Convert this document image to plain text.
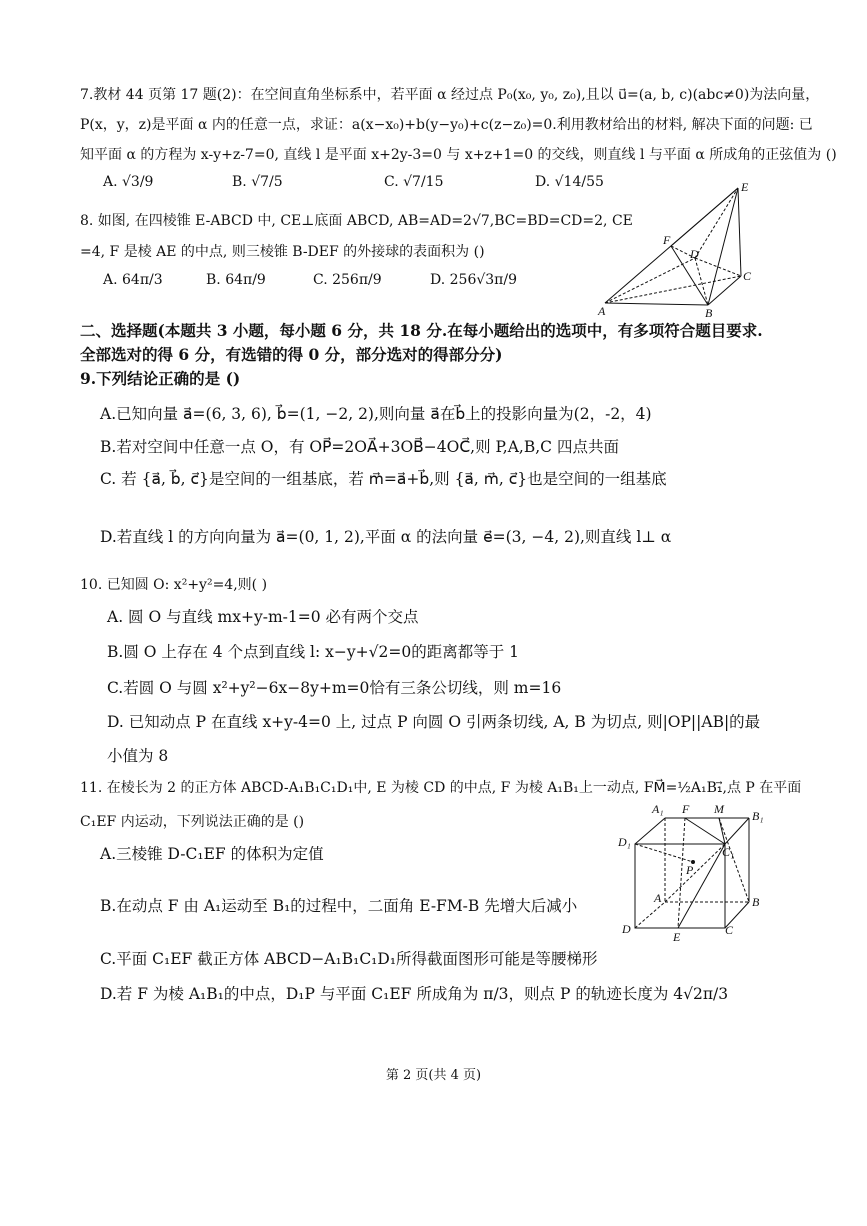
7.教材 44 页第 17 题(2)：在空间直角坐标系中，若平面 α 经过点 P₀(x₀, y₀, z₀),且以 u⃗=(a, b, c)(abc≠0)为法向量，
P(x，y，z)是平面 α 内的任意一点，求证：a(x−x₀)+b(y−y₀)+c(z−z₀)=0.利用教材给出的材料, 解决下面的问题: 已
知平面 α 的方程为 x-y+z-7=0, 直线 l 是平面 x+2y-3=0 与 x+z+1=0 的交线，则直线 l 与平面 α 所成角的正弦值为 ()
A. √3/9	B. √7/5	C. √7/15	D. √14/55
8. 如图, 在四棱锥 E-ABCD 中, CE⊥底面 ABCD, AB=AD=2√7,BC=BD=CD=2, CE
=4, F 是棱 AE 的中点, 则三棱锥 B-DEF 的外接球的表面积为 ()
A. 64π/3	B. 64π/9	C. 256π/9	D. 256√3π/9
E
F
D
C
A	B
二、选择题(本题共 3 小题，每小题 6 分，共 18 分.在每小题给出的选项中，有多项符合题目要求.
全部选对的得 6 分，有选错的得 0 分，部分选对的得部分分)
9.下列结论正确的是 ()
A.已知向量 a⃗=(6, 3, 6), b⃗=(1, −2, 2),则向量 a⃗在b⃗上的投影向量为(2，-2，4)
B.若对空间中任意一点 O，有 OP⃗=2OA⃗+3OB⃗−4OC⃗,则 P,A,B,C 四点共面
C. 若 {a⃗, b⃗, c⃗}是空间的一组基底，若 m⃗=a⃗+b⃗,则 {a⃗, m⃗, c⃗}也是空间的一组基底
D.若直线 l 的方向向量为 a⃗=(0, 1, 2),平面 α 的法向量 e⃗=(3, −4, 2),则直线 l⊥ α
10. 已知圆 O: x²+y²=4,则( )
A. 圆 O 与直线 mx+y-m-1=0 必有两个交点
B.圆 O 上存在 4 个点到直线 l: x−y+√2=0的距离都等于 1
C.若圆 O 与圆 x²+y²−6x−8y+m=0恰有三条公切线，则 m=16
D. 已知动点 P 在直线 x+y-4=0 上, 过点 P 向圆 O 引两条切线, A, B 为切点, 则|OP||AB|的最
小值为 8
11. 在棱长为 2 的正方体 ABCD-A₁B₁C₁D₁中, E 为棱 CD 的中点, F 为棱 A₁B₁上一动点, FM⃗=½A₁B₁⃗,点 P 在平面
C₁EF 内运动，下列说法正确的是 ()
A.三棱锥 D-C₁EF 的体积为定值
B.在动点 F 由 A₁运动至 B₁的过程中，二面角 E-FM-B 先增大后减小
C.平面 C₁EF 截正方体 ABCD−A₁B₁C₁D₁所得截面图形可能是等腰梯形
D.若 F 为棱 A₁B₁的中点，D₁P 与平面 C₁EF 所成角为 π/3，则点 P 的轨迹长度为 4√2π/3
A₁ F M B₁
D₁
C₁
P
A	B
D
E	C
第 2 页(共 4 页)
